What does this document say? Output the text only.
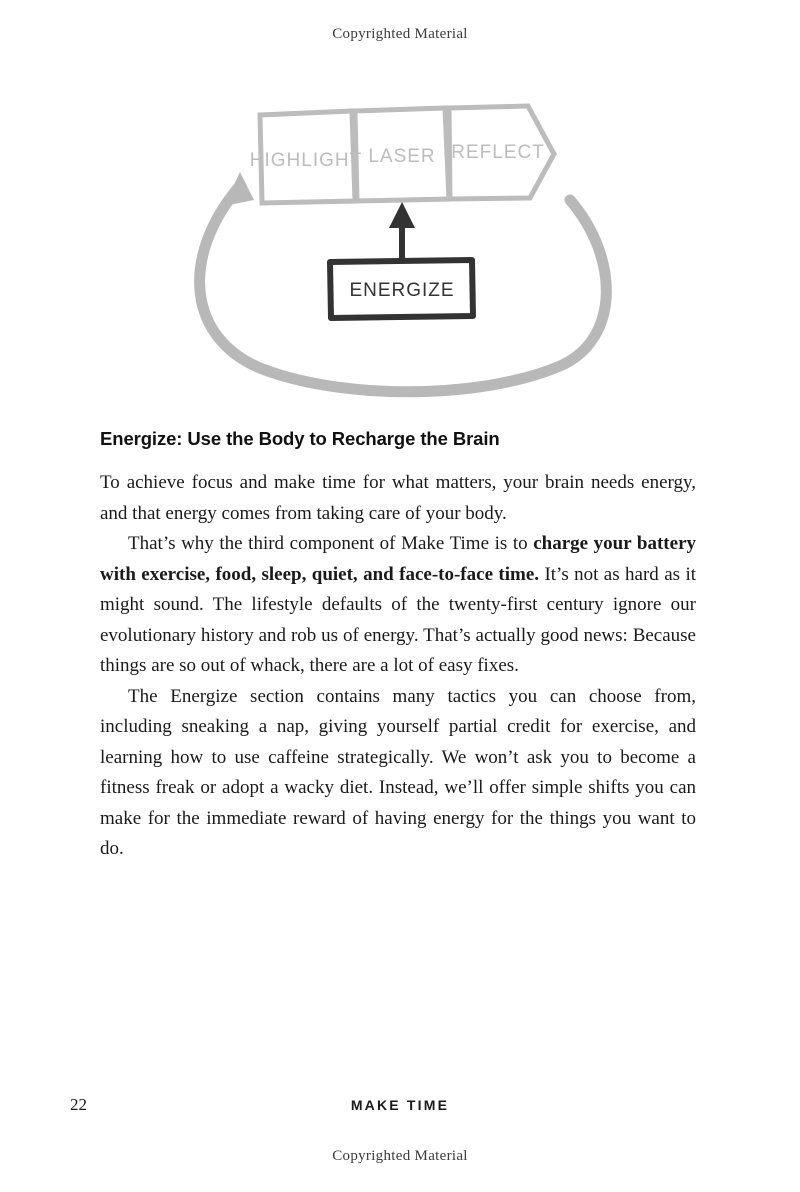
Copyrighted Material
HIGHLIGHT LASER REFLECT
ENERGIZE
Energize: Use the Body to Recharge the Brain

To achieve focus and make time for what matters, your brain needs energy, and that energy comes from taking care of your body.

That’s why the third component of Make Time is to charge your battery with exercise, food, sleep, quiet, and face-to-face time. It’s not as hard as it might sound. The lifestyle defaults of the twenty-first century ignore our evolutionary history and rob us of energy. That’s actually good news: Because things are so out of whack, there are a lot of easy fixes.

The Energize section contains many tactics you can choose from, including sneaking a nap, giving yourself partial credit for exercise, and learning how to use caffeine strategically. We won’t ask you to become a fitness freak or adopt a wacky diet. Instead, we’ll offer simple shifts you can make for the immediate reward of having energy for the things you want to do.

22	MAKE TIME
Copyrighted Material
